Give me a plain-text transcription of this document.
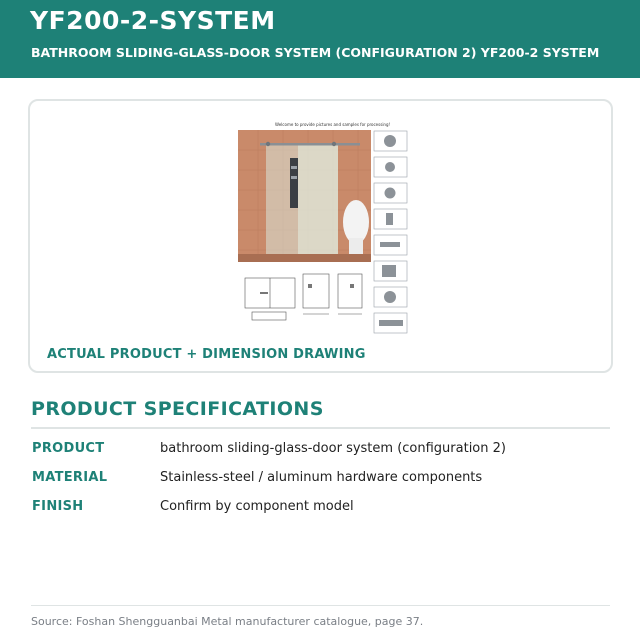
YF200-2-SYSTEM
BATHROOM SLIDING-GLASS-DOOR SYSTEM (CONFIGURATION 2) YF200-2 SYSTEM
Welcome to provide pictures and samples for processing!
ACTUAL PRODUCT + DIMENSION DRAWING
PRODUCT SPECIFICATIONS
PRODUCT	bathroom sliding-glass-door system (configuration 2)
MATERIAL	Stainless-steel / aluminum hardware components
FINISH	Confirm by component model
Source: Foshan Shengguanbai Metal manufacturer catalogue, page 37.
